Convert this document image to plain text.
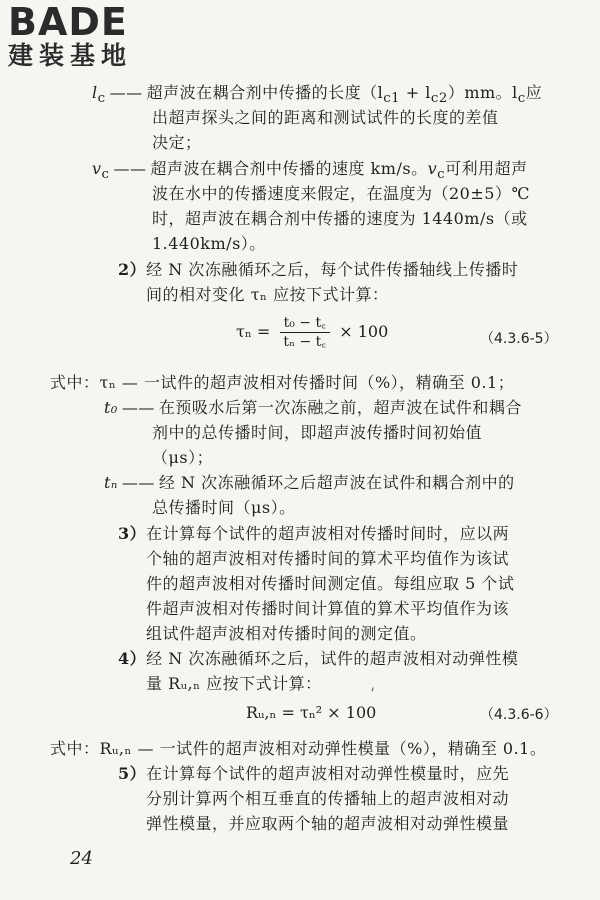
BADE
建装基地
$l_c$ —— 超声波在耦合剂中传播的长度$(l_{c1} + l_{c2})mm$。$l_c$应
出超声探头之间的距离和测试试件的长度的差值
决定；
$v_c$ —— 超声波在耦合剂中传播的速度 km/s。$v_c$可利用超声
波在水中的传播速度来假定，在温度为（20±5）℃
时，超声波在耦合剂中传播的速度为 1440m/s（或
1.440km/s）。
2）经 N 次冻融循环之后，每个试件传播轴线上传播时
间的相对变化 τₙ 应按下式计算：
$\tau_n = \frac{\text{t₀ − t꜀}}{\text{tₙ − t꜀}} \times 100$	（4.3.6-5）
式中：τₙ — 一试件的超声波相对传播时间（%），精确至 0.1；
t₀ —— 在预吸水后第一次冻融之前，超声波在试件和耦合
剂中的总传播时间，即超声波传播时间初始值
（μs）；
tₙ —— 经 N 次冻融循环之后超声波在试件和耦合剂中的
总传播时间（μs）。
3）在计算每个试件的超声波相对传播时间时，应以两
个轴的超声波相对传播时间的算术平均值作为该试
件的超声波相对传播时间测定值。每组应取 5 个试
件超声波相对传播时间计算值的算术平均值作为该
组试件超声波相对传播时间的测定值。
4）经 N 次冻融循环之后，试件的超声波相对动弹性模
量 Rᵤ,ₙ 应按下式计算：
Rᵤ,ₙ = τₙ² × 100	（4.3.6-6）
式中：Rᵤ,ₙ — 一试件的超声波相对动弹性模量（%），精确至 0.1。
5）在计算每个试件的超声波相对动弹性模量时，应先
分别计算两个相互垂直的传播轴上的超声波相对动
弹性模量，并应取两个轴的超声波相对动弹性模量
24
